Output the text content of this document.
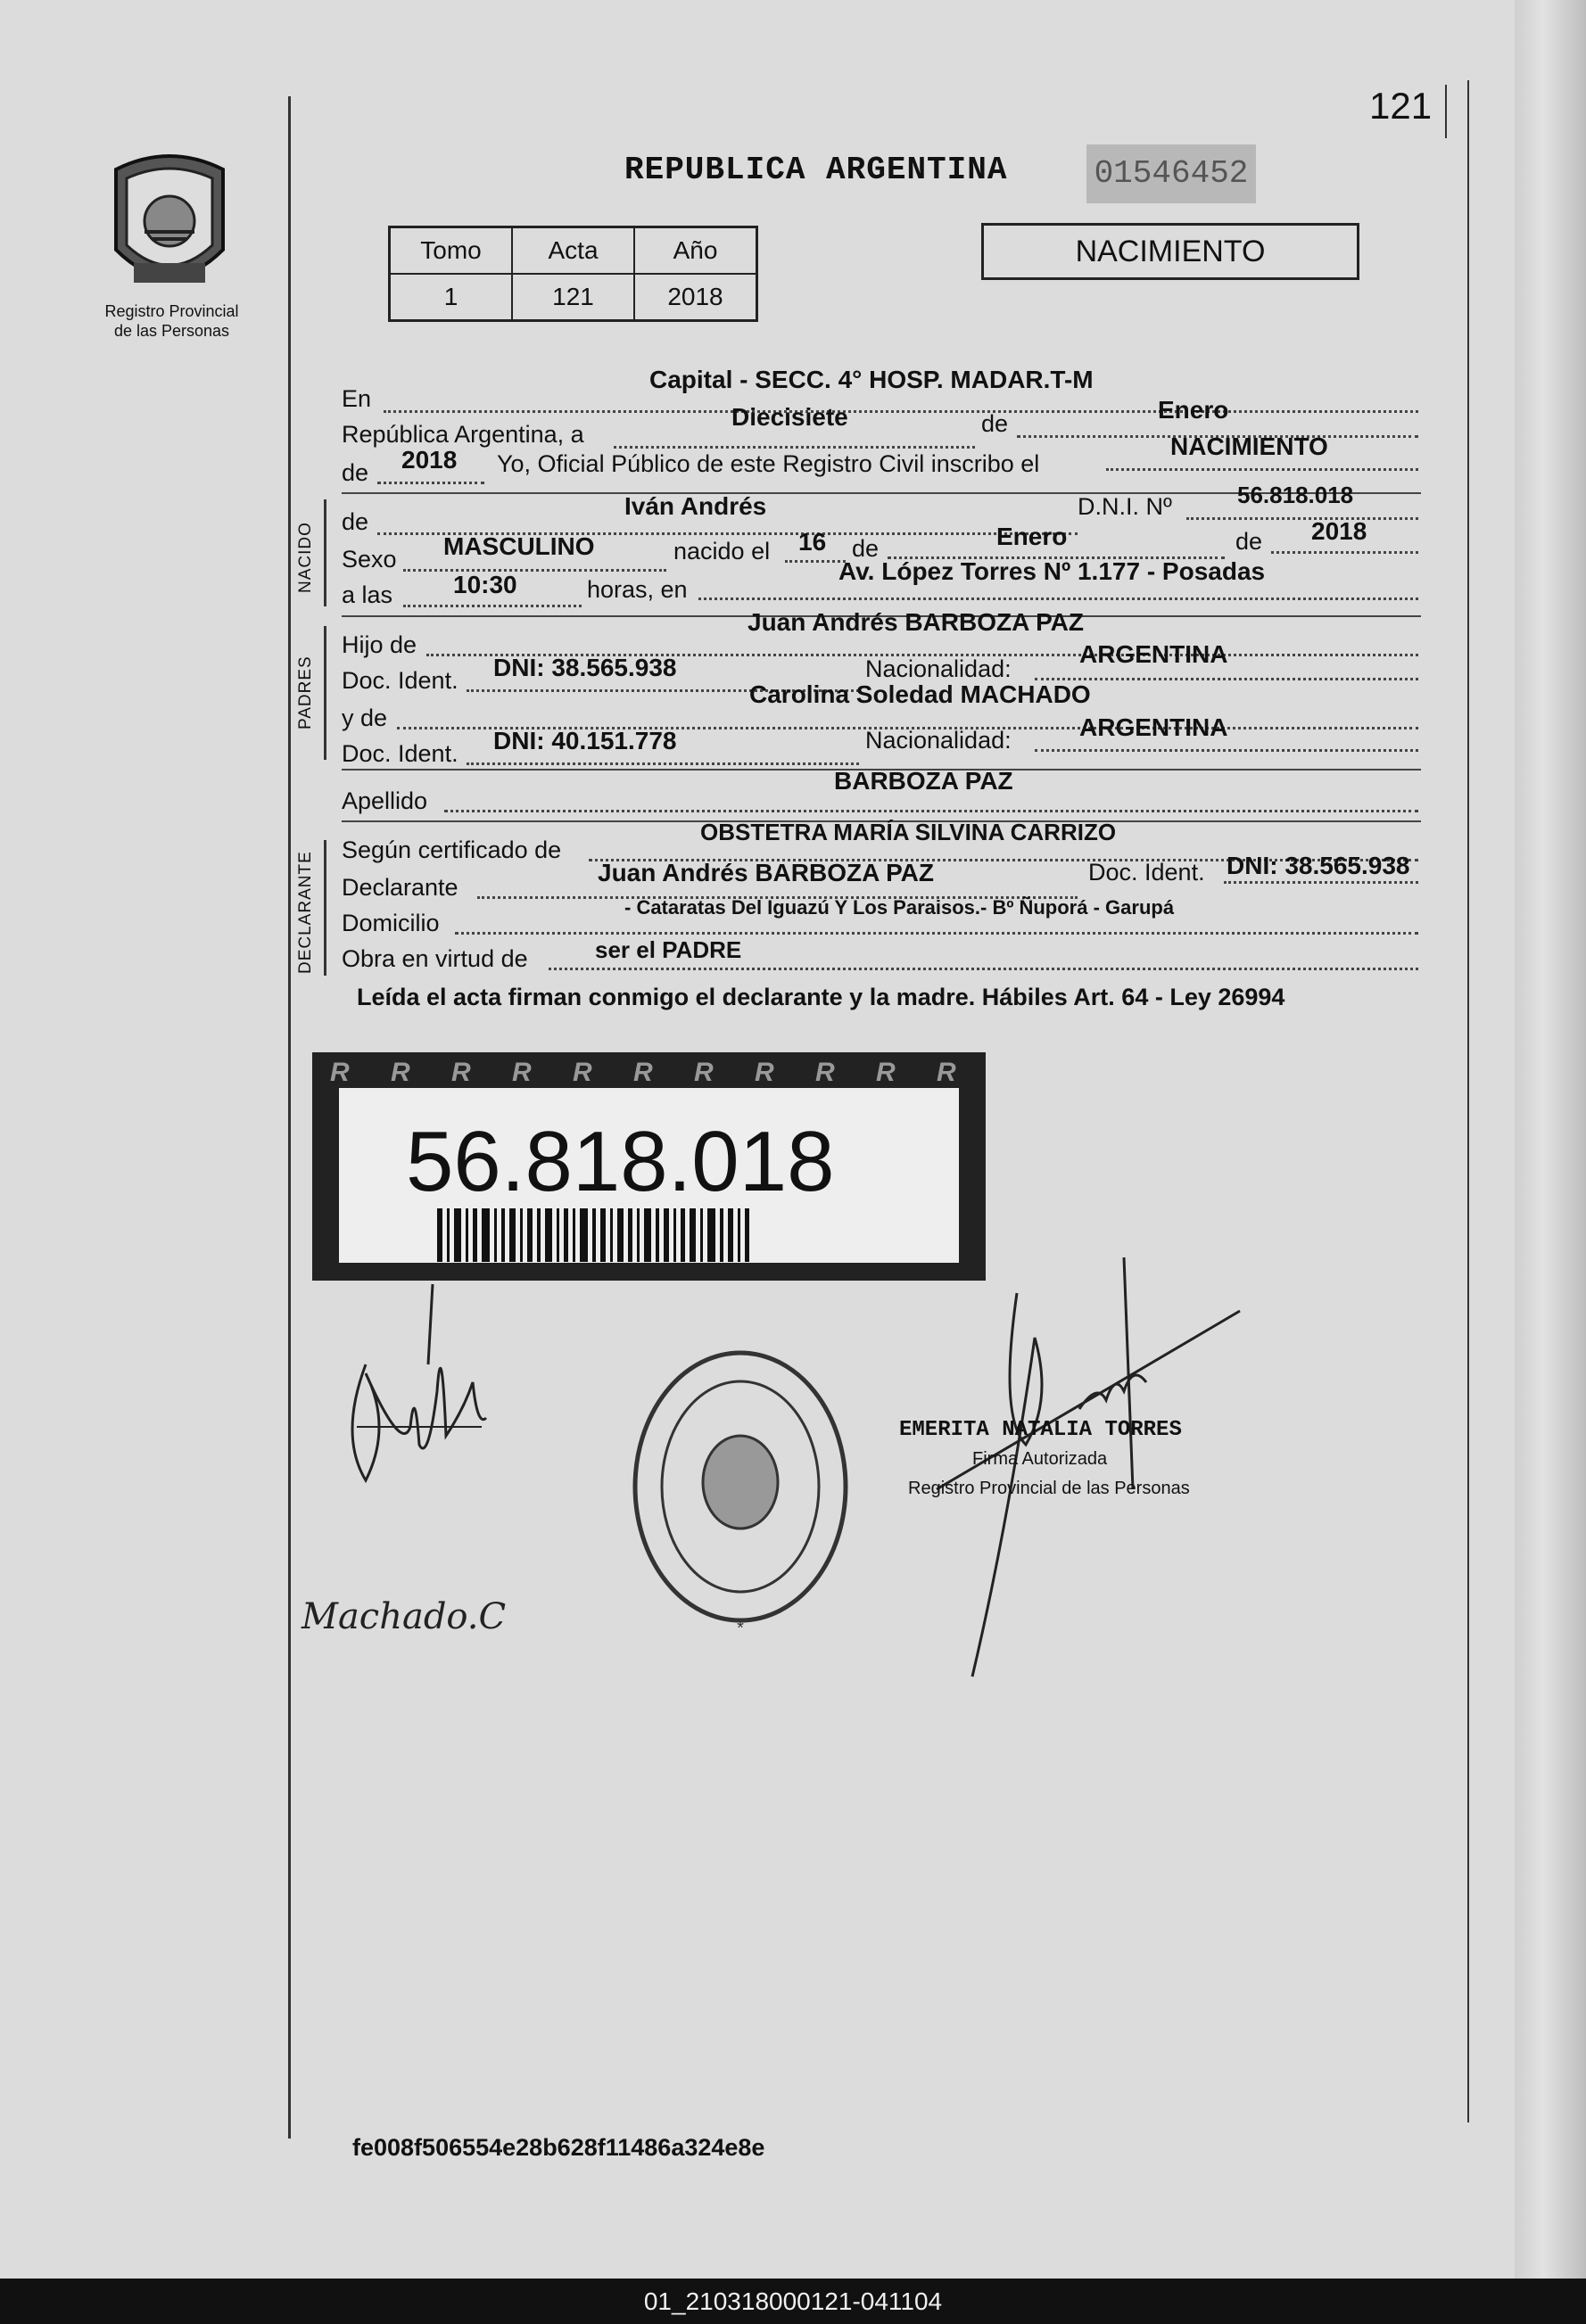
121
Registro Provincial
de las Personas
REPUBLICA ARGENTINA	01546452
Tomo	Acta	Año
1	121	2018
NACIMIENTO
En
Capital - SECC. 4° HOSP. MADAR.T-M
República Argentina, a
Diecisiete	de	Enero
de 2018 Yo, Oficial Público de este Registro Civil inscribo el
NACIMIENTO
NACIDO
de
Iván Andrés	D.N.I. Nº	56.818.018
Sexo MASCULINO	nacido el 16 de	Enero	de 2018
a las 10:30	horas, en
Av. López Torres Nº 1.177 - Posadas
PADRES
Hijo de
Juan Andrés BARBOZA PAZ
Doc. Ident. DNI: 38.565.938	Nacionalidad:
ARGENTINA
y de
Carolina Soledad MACHADO
Doc. Ident. DNI: 40.151.778	Nacionalidad:	ARGENTINA
Apellido
BARBOZA PAZ
DECLARANTE
Según certificado de
OBSTETRA MARÍA SILVINA CARRIZO
Declarante
Juan Andrés BARBOZA PAZ	Doc. Ident. DNI: 38.565.938
Domicilio
- Cataratas Del Iguazú Y Los Paraisos.- Bº Ñuporá - Garupá
Obra en virtud de	ser el PADRE
Leída el acta firman conmigo el declarante y la madre. Hábiles Art. 64 - Ley 26994
R R R R R R R R R R R
56.818.018
*
EMERITA NATALIA TORRES
Firma Autorizada
Registro Provincial de las Personas
Machado.C
fe008f506554e28b628f11486a324e8e
01_210318000121-041104
